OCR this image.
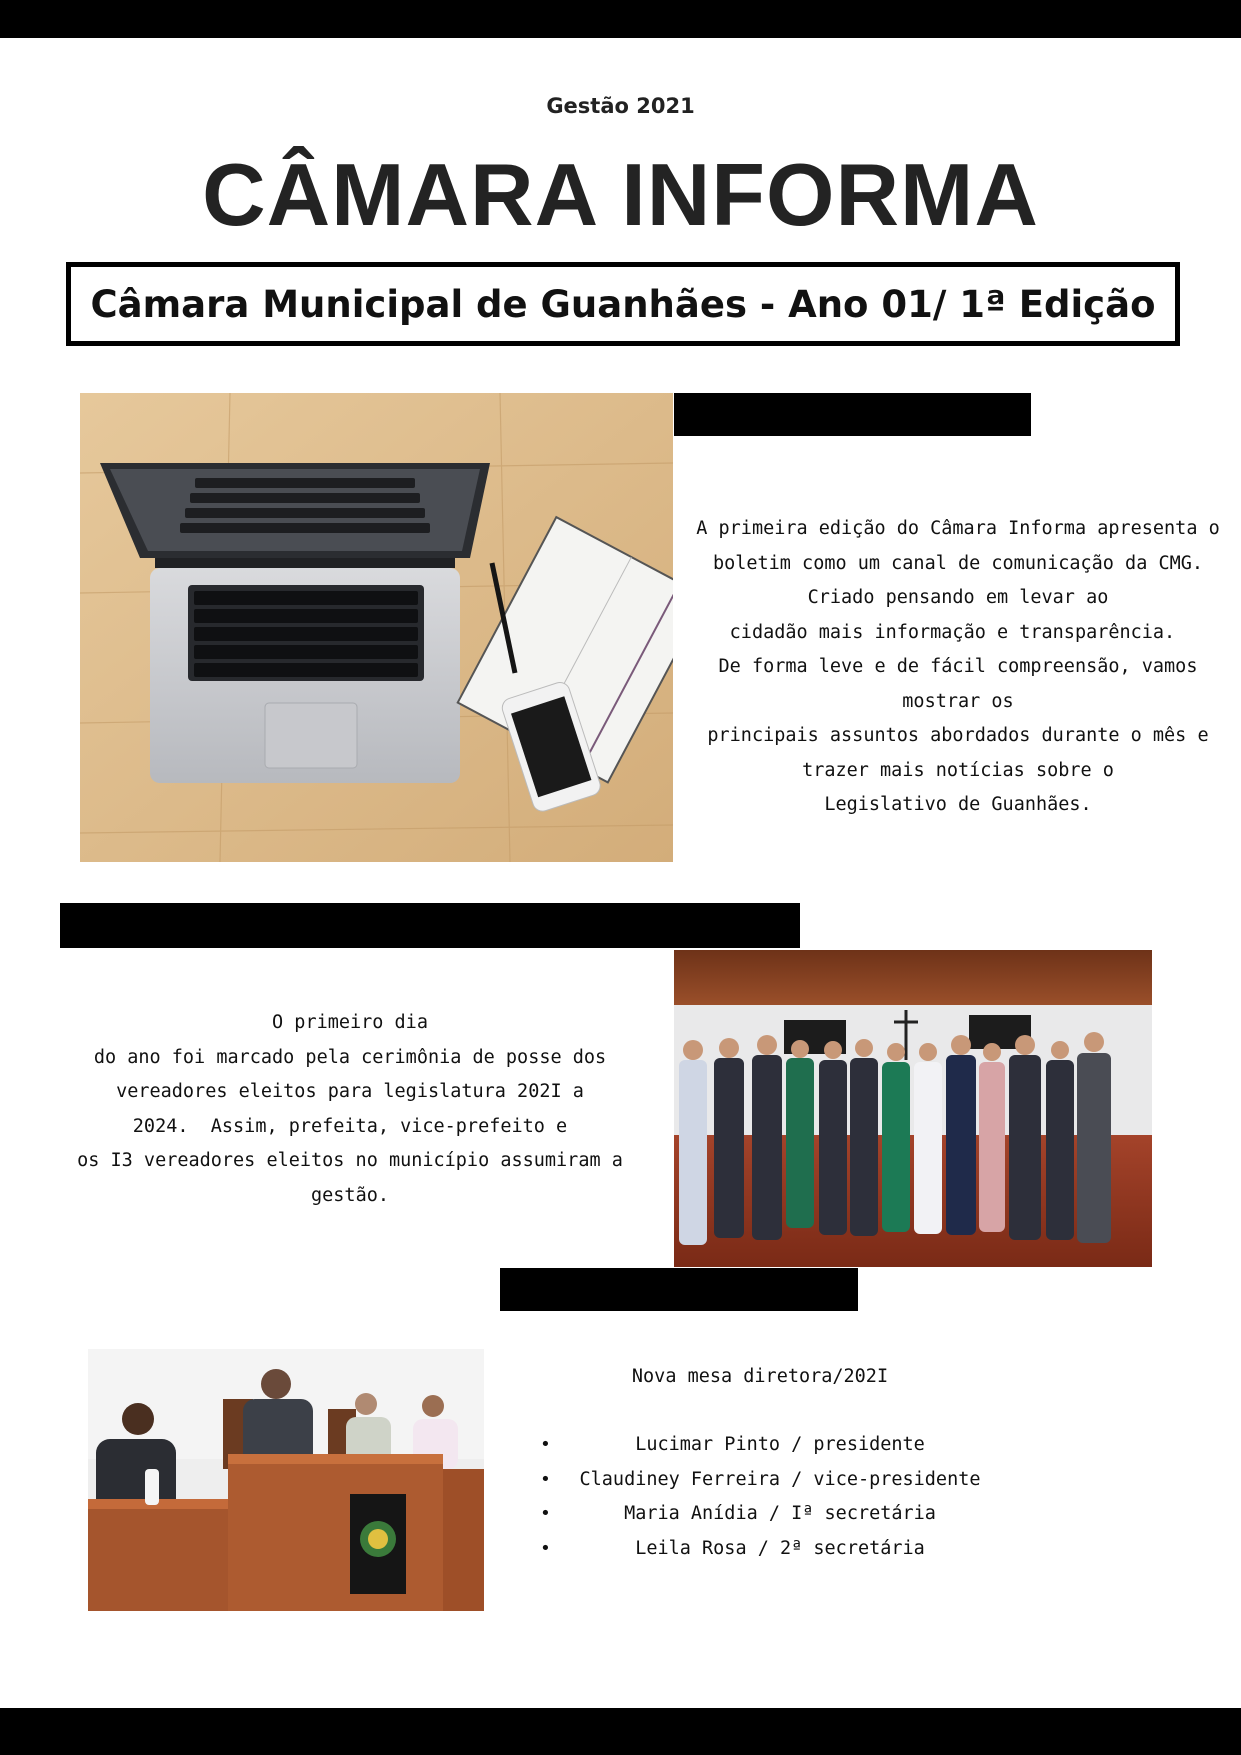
Gestão 2021
CÂMARA INFORMA
Câmara Municipal de Guanhães - Ano 01/ 1ª Edição

A primeira edição do Câmara Informa apresenta o

boletim como um canal de comunicação da CMG.

Criado pensando em levar ao

cidadão mais informação e transparência.

De forma leve e de fácil compreensão, vamos

mostrar os

principais assuntos abordados durante o mês e

trazer mais notícias sobre o

Legislativo de Guanhães.

O primeiro dia

do ano foi marcado pela cerimônia de posse dos

vereadores eleitos para legislatura 202I a

2024.  Assim, prefeita, vice-prefeito e

os I3 vereadores eleitos no município assumiram a

gestão.

Nova mesa diretora/202I
•	Lucimar Pinto / presidente
•	Claudiney Ferreira / vice-presidente
•	Maria Anídia / Iª secretária
•	Leila Rosa / 2ª secretária
